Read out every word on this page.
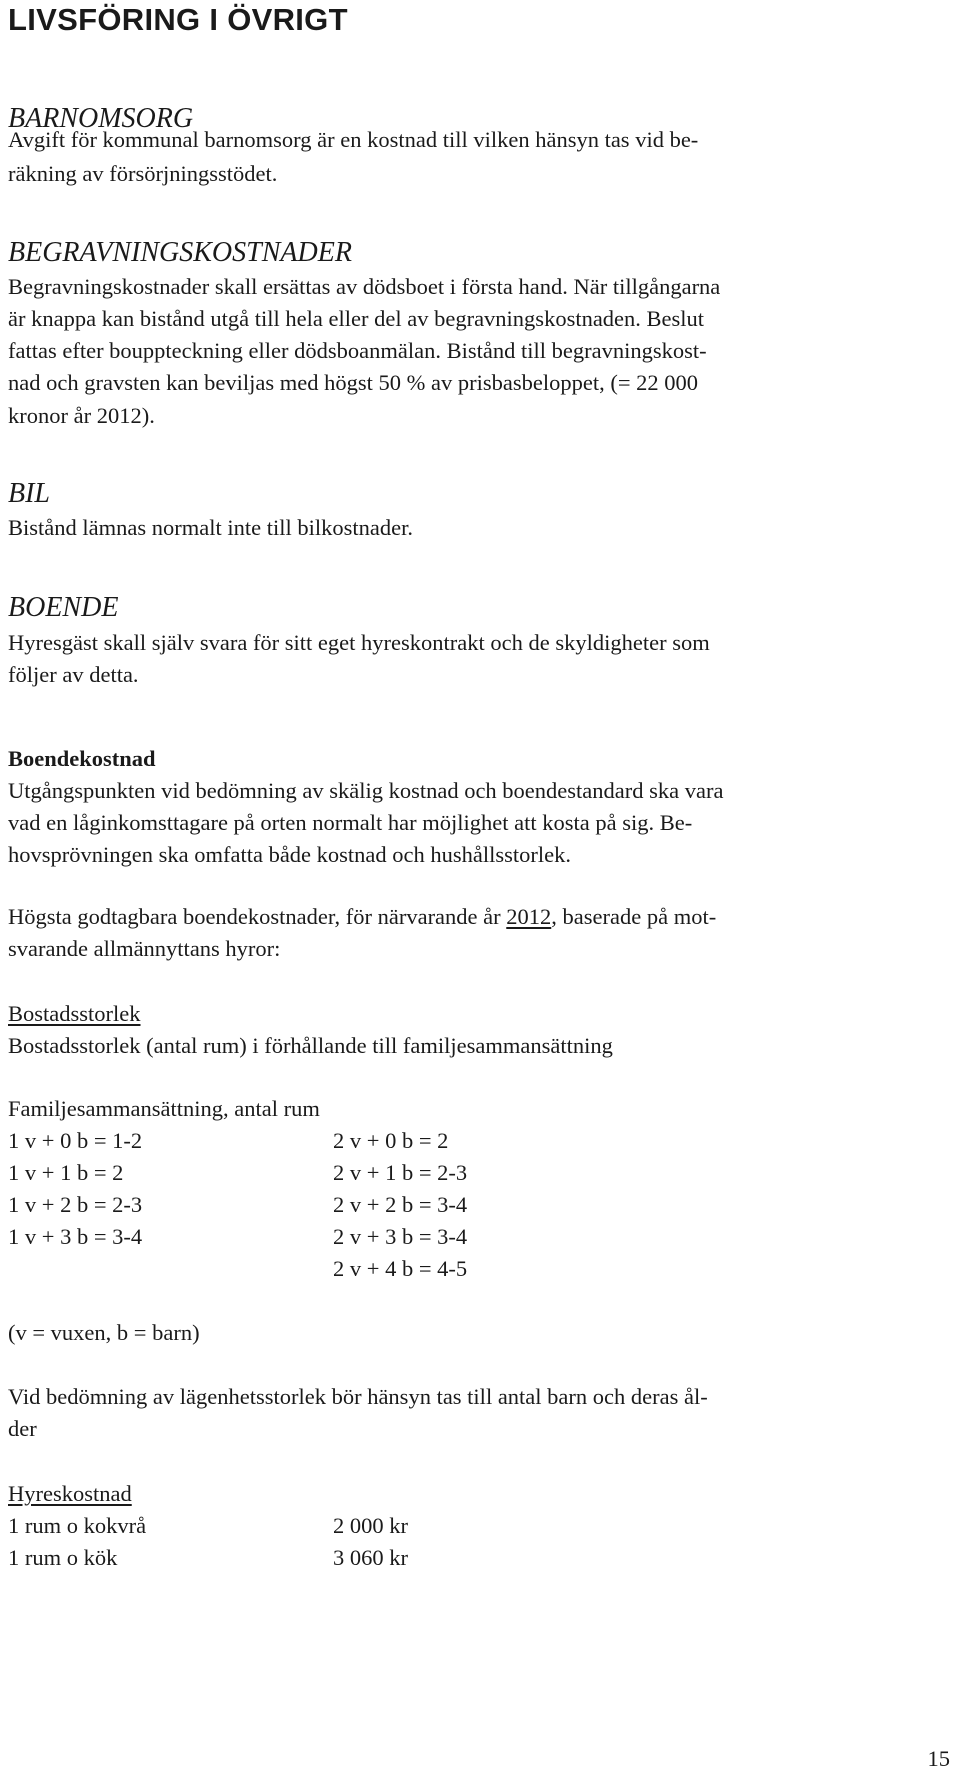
LIVSFÖRING I ÖVRIGT
BARNOMSORG
Avgift för kommunal barnomsorg är en kostnad till vilken hänsyn tas vid be-
räkning av försörjningsstödet.
BEGRAVNINGSKOSTNADER
Begravningskostnader skall ersättas av dödsboet i första hand. När tillgångarna
är knappa kan bistånd utgå till hela eller del av begravningskostnaden. Beslut
fattas efter bouppteckning eller dödsboanmälan. Bistånd till begravningskost-
nad och gravsten kan beviljas med högst 50 % av prisbasbeloppet, (= 22 000
kronor år 2012).
BIL
Bistånd lämnas normalt inte till bilkostnader.
BOENDE
Hyresgäst skall själv svara för sitt eget hyreskontrakt och de skyldigheter som
följer av detta.
Boendekostnad
Utgångspunkten vid bedömning av skälig kostnad och boendestandard ska vara
vad en låginkomsttagare på orten normalt har möjlighet att kosta på sig. Be-
hovsprövningen ska omfatta både kostnad och hushållsstorlek.
Högsta godtagbara boendekostnader, för närvarande år 2012, baserade på mot-
svarande allmännyttans hyror:
Bostadsstorlek
Bostadsstorlek (antal rum) i förhållande till familjesammansättning
Familjesammansättning, antal rum
1 v + 0 b = 1-2
1 v + 1 b = 2
1 v + 2 b = 2-3
1 v + 3 b = 3-4
2 v + 0 b = 2
2 v + 1 b = 2-3
2 v + 2 b = 3-4
2 v + 3 b = 3-4
2 v + 4 b = 4-5
(v = vuxen, b = barn)
Vid bedömning av lägenhetsstorlek bör hänsyn tas till antal barn och deras ål-
der
Hyreskostnad
1 rum o kokvrå	2 000 kr
1 rum o kök	3 060 kr
15
